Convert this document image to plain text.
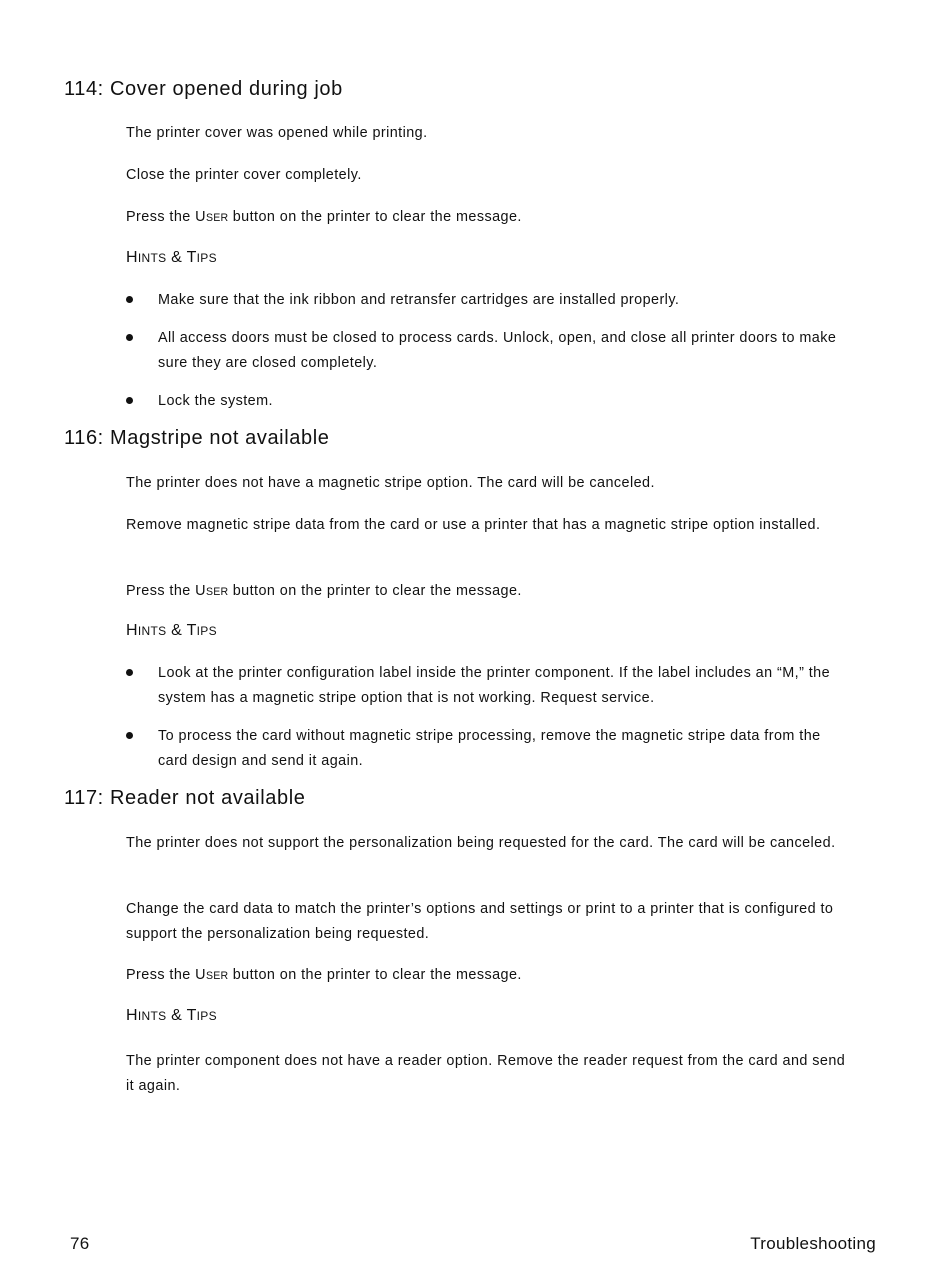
114: Cover opened during job

The printer cover was opened while printing.

Close the printer cover completely.

Press the USER button on the printer to clear the message.

HINTS & TIPS

Make sure that the ink ribbon and retransfer cartridges are installed properly.

All access doors must be closed to process cards. Unlock, open, and close all printer doors to make sure they are closed completely.

Lock the system.

116: Magstripe not available

The printer does not have a magnetic stripe option. The card will be canceled.

Remove magnetic stripe data from the card or use a printer that has a magnetic stripe option installed.

Press the USER button on the printer to clear the message.

HINTS & TIPS

Look at the printer configuration label inside the printer component. If the label includes an “M,” the system has a magnetic stripe option that is not working. Request service.

To process the card without magnetic stripe processing, remove the magnetic stripe data from the card design and send it again.

117: Reader not available

The printer does not support the personalization being requested for the card. The card will be canceled.

Change the card data to match the printer’s options and settings or print to a printer that is configured to support the personalization being requested.

Press the USER button on the printer to clear the message.

HINTS & TIPS

The printer component does not have a reader option. Remove the reader request from the card and send it again.

76	Troubleshooting
